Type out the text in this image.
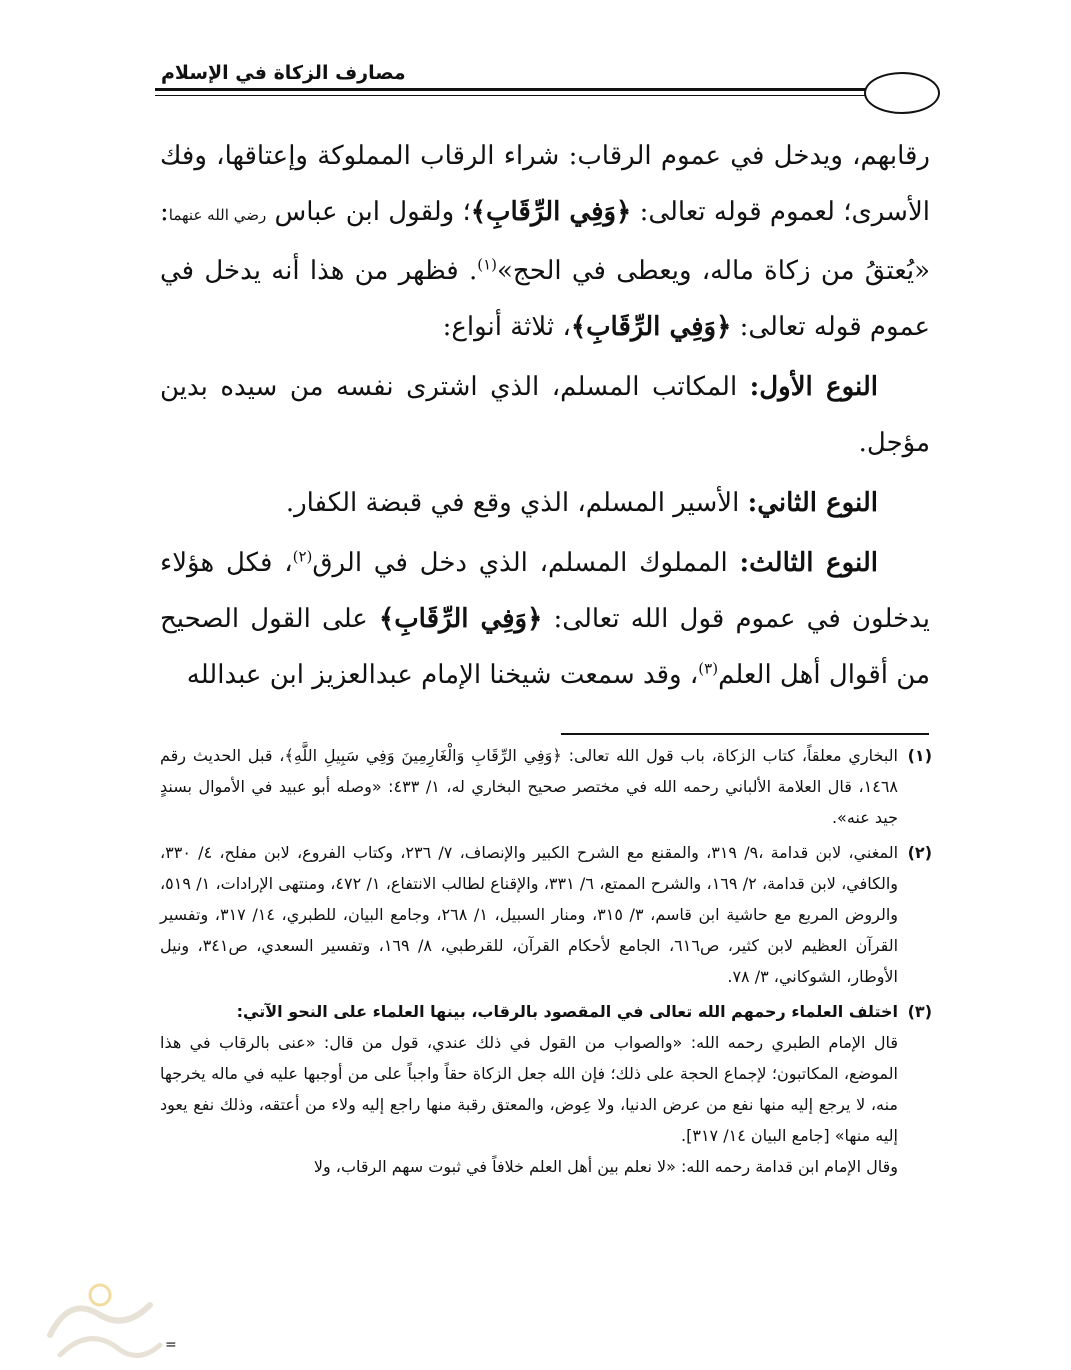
مصارف الزكاة في الإسلام

رقابهم، ويدخل في عموم الرقاب: شراء الرقاب المملوكة وإعتاقها، وفك الأسرى؛ لعموم قوله تعالى: ﴿وَفِي الرِّقَابِ﴾؛ ولقول ابن عباس رضي الله عنهما: «يُعتقُ من زكاة ماله، ويعطى في الحج»$^{(١)}$. فظهر من هذا أنه يدخل في عموم قوله تعالى: ﴿وَفِي الرِّقَابِ﴾، ثلاثة أنواع:

النوع الأول: المكاتب المسلم، الذي اشترى نفسه من سيده بدين مؤجل.

النوع الثاني: الأسير المسلم، الذي وقع في قبضة الكفار.

النوع الثالث: المملوك المسلم، الذي دخل في الرق$^{(٢)}$، فكل هؤلاء يدخلون في عموم قول الله تعالى: ﴿وَفِي الرِّقَابِ﴾ على القول الصحيح من أقوال أهل العلم$^{(٣)}$، وقد سمعت شيخنا الإمام عبدالعزيز ابن عبدالله

(١)

البخاري معلقاً، كتاب الزكاة، باب قول الله تعالى: ﴿وَفِي الرِّقَابِ وَالْغَارِمِينَ وَفِي سَبِيلِ اللَّهِ﴾، قبل الحديث رقم ١٤٦٨، قال العلامة الألباني رحمه الله في مختصر صحيح البخاري له، ١/ ٤٣٣: «وصله أبو عبيد في الأموال بسندٍ جيد عنه».

(٢)

المغني، لابن قدامة ،٩/ ٣١٩، والمقنع مع الشرح الكبير والإنصاف، ٧/ ٢٣٦، وكتاب الفروع، لابن مفلح، ٤/ ٣٣٠، والكافي، لابن قدامة، ٢/ ١٦٩، والشرح الممتع، ٦/ ٣٣١، والإقناع لطالب الانتفاع، ١/ ٤٧٢، ومنتهى الإرادات، ١/ ٥١٩، والروض المربع مع حاشية ابن قاسم، ٣/ ٣١٥، ومنار السبيل، ١/ ٢٦٨، وجامع البيان، للطبري، ١٤/ ٣١٧، وتفسير القرآن العظيم لابن كثير، ص٦١٦، الجامع لأحكام القرآن، للقرطبي، ٨/ ١٦٩، وتفسير السعدي، ص٣٤١، ونيل الأوطار، الشوكاني، ٣/ ٧٨.

(٣)

اختلف العلماء رحمهم الله تعالى في المقصود بالرقاب، بينها العلماء على النحو الآتي:

قال الإمام الطبري رحمه الله: «والصواب من القول في ذلك عندي، قول من قال: «عنى بالرقاب في هذا الموضع، المكاتبون؛ لإجماع الحجة على ذلك؛ فإن الله جعل الزكاة حقاً واجباً على من أوجبها عليه في ماله يخرجها منه، لا يرجع إليه منها نفع من عرض الدنيا، ولا عِوض، والمعتق رقبة منها راجع إليه ولاء من أعتقه، وذلك نفع يعود إليه منها» [جامع البيان ١٤/ ٣١٧].

وقال الإمام ابن قدامة رحمه الله: «لا نعلم بين أهل العلم خلافاً في ثبوت سهم الرقاب، ولا

=
